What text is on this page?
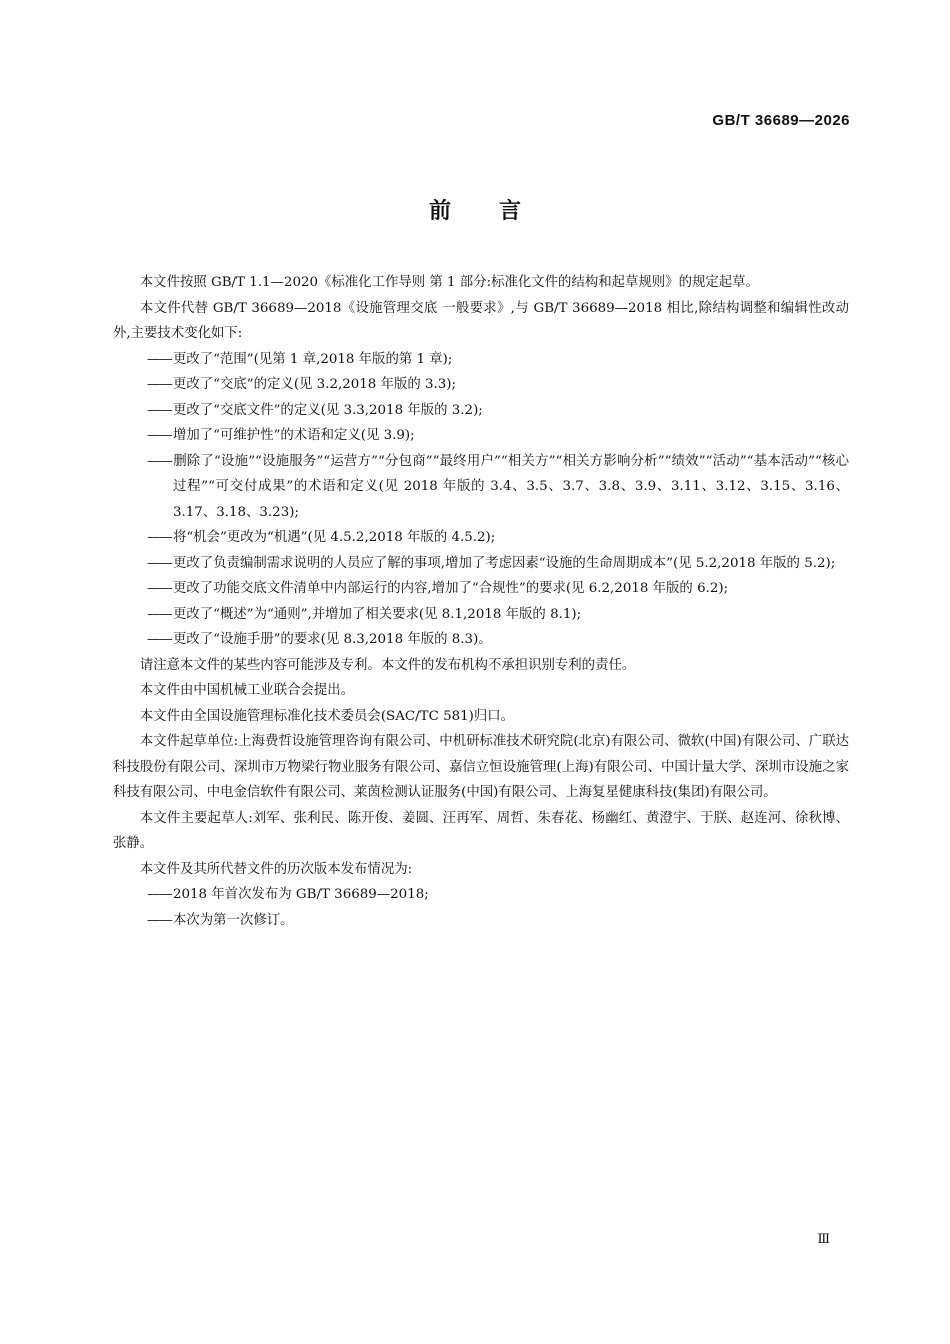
GB/T 36689—2026
前言

本文件按照 GB/T 1.1—2020《标准化工作导则 第 1 部分:标准化文件的结构和起草规则》的规定起草。

本文件代替 GB/T 36689—2018《设施管理交底 一般要求》,与 GB/T 36689—2018 相比,除结构调整和编辑性改动外,主要技术变化如下:

——更改了“范围”(见第 1 章,2018 年版的第 1 章);

——更改了“交底”的定义(见 3.2,2018 年版的 3.3);

——更改了“交底文件”的定义(见 3.3,2018 年版的 3.2);

——增加了“可维护性”的术语和定义(见 3.9);

——删除了“设施”“设施服务”“运营方”“分包商”“最终用户”“相关方”“相关方影响分析”“绩效”“活动”“基本活动”“核心过程”“可交付成果”的术语和定义(见 2018 年版的 3.4、3.5、3.7、3.8、3.9、3.11、3.12、3.15、3.16、3.17、3.18、3.23);

——将“机会”更改为“机遇”(见 4.5.2,2018 年版的 4.5.2);

——更改了负责编制需求说明的人员应了解的事项,增加了考虑因素“设施的生命周期成本”(见 5.2,2018 年版的 5.2);

——更改了功能交底文件清单中内部运行的内容,增加了“合规性”的要求(见 6.2,2018 年版的 6.2);

——更改了“概述”为“通则”,并增加了相关要求(见 8.1,2018 年版的 8.1);

——更改了“设施手册”的要求(见 8.3,2018 年版的 8.3)。

请注意本文件的某些内容可能涉及专利。本文件的发布机构不承担识别专利的责任。

本文件由中国机械工业联合会提出。

本文件由全国设施管理标准化技术委员会(SAC/TC 581)归口。

本文件起草单位:上海费哲设施管理咨询有限公司、中机研标准技术研究院(北京)有限公司、微软(中国)有限公司、广联达科技股份有限公司、深圳市万物梁行物业服务有限公司、嘉信立恒设施管理(上海)有限公司、中国计量大学、深圳市设施之家科技有限公司、中电金信软件有限公司、莱茵检测认证服务(中国)有限公司、上海复星健康科技(集团)有限公司。

本文件主要起草人:刘军、张利民、陈开俊、姜圆、汪再军、周哲、朱春花、杨幽红、黄澄宇、于朕、赵连河、徐秋博、张静。

本文件及其所代替文件的历次版本发布情况为:

——2018 年首次发布为 GB/T 36689—2018;

——本次为第一次修订。

Ⅲ
